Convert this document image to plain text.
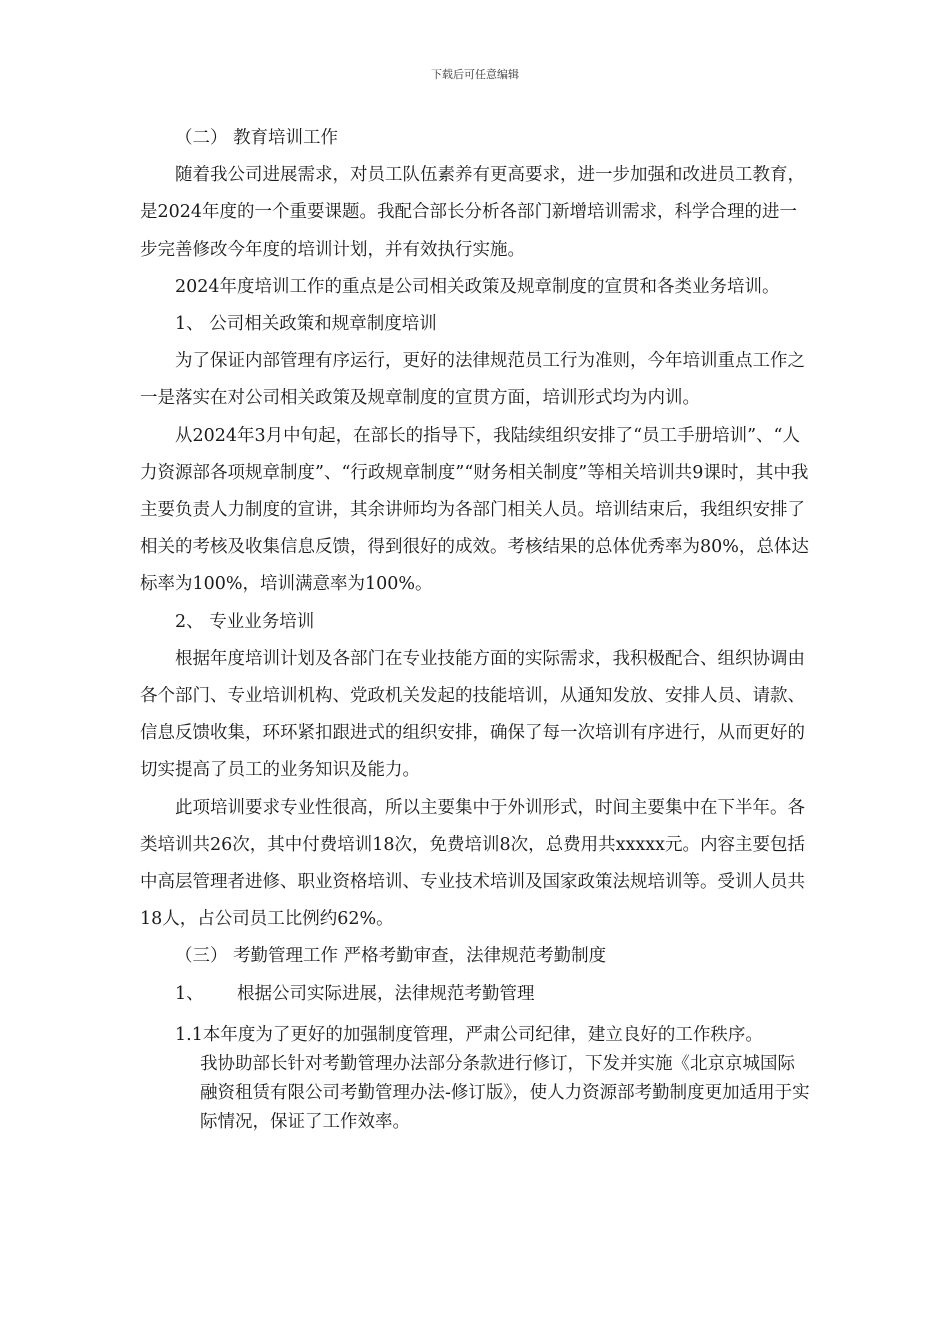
下载后可任意编辑

（二） 教育培训工作

随着我公司进展需求，对员工队伍素养有更高要求，进一步加强和改进员工教育，是2024年度的一个重要课题。我配合部长分析各部门新增培训需求，科学合理的进一步完善修改今年度的培训计划，并有效执行实施。

2024年度培训工作的重点是公司相关政策及规章制度的宣贯和各类业务培训。

1、 公司相关政策和规章制度培训

为了保证内部管理有序运行，更好的法律规范员工行为准则，今年培训重点工作之一是落实在对公司相关政策及规章制度的宣贯方面，培训形式均为内训。

从2024年3月中旬起，在部长的指导下，我陆续组织安排了“员工手册培训”、“人力资源部各项规章制度”、“行政规章制度”“财务相关制度”等相关培训共9课时，其中我主要负责人力制度的宣讲，其余讲师均为各部门相关人员。培训结束后，我组织安排了相关的考核及收集信息反馈，得到很好的成效。考核结果的总体优秀率为80%，总体达标率为100%，培训满意率为100%。

2、 专业业务培训

根据年度培训计划及各部门在专业技能方面的实际需求，我积极配合、组织协调由各个部门、专业培训机构、党政机关发起的技能培训，从通知发放、安排人员、请款、信息反馈收集，环环紧扣跟进式的组织安排，确保了每一次培训有序进行，从而更好的切实提高了员工的业务知识及能力。

此项培训要求专业性很高，所以主要集中于外训形式，时间主要集中在下半年。各类培训共26次，其中付费培训18次，免费培训8次，总费用共xxxxx元。内容主要包括中高层管理者进修、职业资格培训、专业技术培训及国家政策法规培训等。受训人员共18人，占公司员工比例约62%。

（三） 考勤管理工作 严格考勤审查，法律规范考勤制度

1、      根据公司实际进展，法律规范考勤管理

1.1本年度为了更好的加强制度管理，严肃公司纪律，建立良好的工作秩序。

我协助部长针对考勤管理办法部分条款进行修订，下发并实施《北京京城国际融资租赁有限公司考勤管理办法-修订版》，使人力资源部考勤制度更加适用于实际情况，保证了工作效率。
